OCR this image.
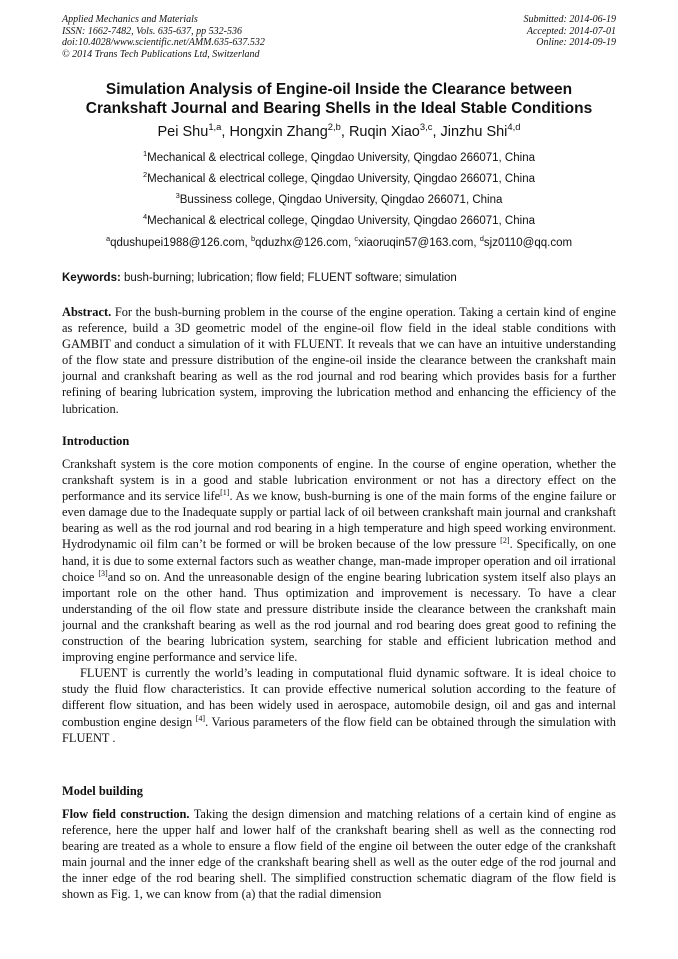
Applied Mechanics and Materials
ISSN: 1662-7482, Vols. 635-637, pp 532-536
doi:10.4028/www.scientific.net/AMM.635-637.532
© 2014 Trans Tech Publications Ltd, Switzerland
Submitted: 2014-06-19
Accepted: 2014-07-01
Online: 2014-09-19
Simulation Analysis of Engine-oil Inside the Clearance between
Crankshaft Journal and Bearing Shells in the Ideal Stable Conditions
Pei Shu$^{1,a}$, Hongxin Zhang$^{2,b}$, Ruqin Xiao$^{3,c}$, Jinzhu Shi$^{4,d}$
$^1$Mechanical & electrical college, Qingdao University, Qingdao 266071, China
$^2$Mechanical & electrical college, Qingdao University, Qingdao 266071, China
$^3$Bussiness college, Qingdao University, Qingdao 266071, China
$^4$Mechanical & electrical college, Qingdao University, Qingdao 266071, China
$^a$qdushupei1988@126.com, $^b$qduzhx@126.com, $^c$xiaoruqin57@163.com, $^d$sjz0110@qq.com
Keywords: bush-burning; lubrication; flow field; FLUENT software; simulation

Abstract. For the bush-burning problem in the course of the engine operation. Taking a certain kind of engine as reference, build a 3D geometric model of the engine-oil flow field in the ideal stable conditions with GAMBIT and conduct a simulation of it with FLUENT. It reveals that we can have an intuitive understanding of the flow state and pressure distribution of the engine-oil inside the clearance between the crankshaft main journal and crankshaft bearing as well as the rod journal and rod bearing which provides basis for a further refining of bearing lubrication system, improving the lubrication method and enhancing the efficiency of the lubrication.

Introduction

Crankshaft system is the core motion components of engine. In the course of engine operation, whether the crankshaft system is in a good and stable lubrication environment or not has a directory effect on the performance and its service life[1]. As we know, bush-burning is one of the main forms of the engine failure or even damage due to the Inadequate supply or partial lack of oil between crankshaft main journal and crankshaft bearing as well as the rod journal and rod bearing in a high temperature and high speed working environment. Hydrodynamic oil film can’t be formed or will be broken because of the low pressure [2]. Specifically, on one hand, it is due to some external factors such as weather change, man-made improper operation and oil irrational choice [3]and so on. And the unreasonable design of the engine bearing lubrication system itself also plays an important role on the other hand. Thus optimization and improvement is necessary. To have a clear understanding of the oil flow state and pressure distribute inside the clearance between the crankshaft main journal and the crankshaft bearing as well as the rod journal and rod bearing does great good to refining the construction of the bearing lubrication system, searching for stable and efficient lubrication method and improving engine performance and service life.

FLUENT is currently the world’s leading in computational fluid dynamic software. It is ideal choice to study the fluid flow characteristics. It can provide effective numerical solution according to the feature of different flow situation, and has been widely used in aerospace, automobile design, oil and gas and internal combustion engine design [4]. Various parameters of the flow field can be obtained through the simulation with FLUENT .

Model building

Flow field construction. Taking the design dimension and matching relations of a certain kind of engine as reference, here the upper half and lower half of the crankshaft bearing shell as well as the connecting rod bearing are treated as a whole to ensure a flow field of the engine oil between the outer edge of the crankshaft main journal and the inner edge of the crankshaft bearing shell as well as the outer edge of the rod journal and the inner edge of the rod bearing shell. The simplified construction schematic diagram of the flow field is shown as Fig. 1, we can know from (a) that the radial dimension
